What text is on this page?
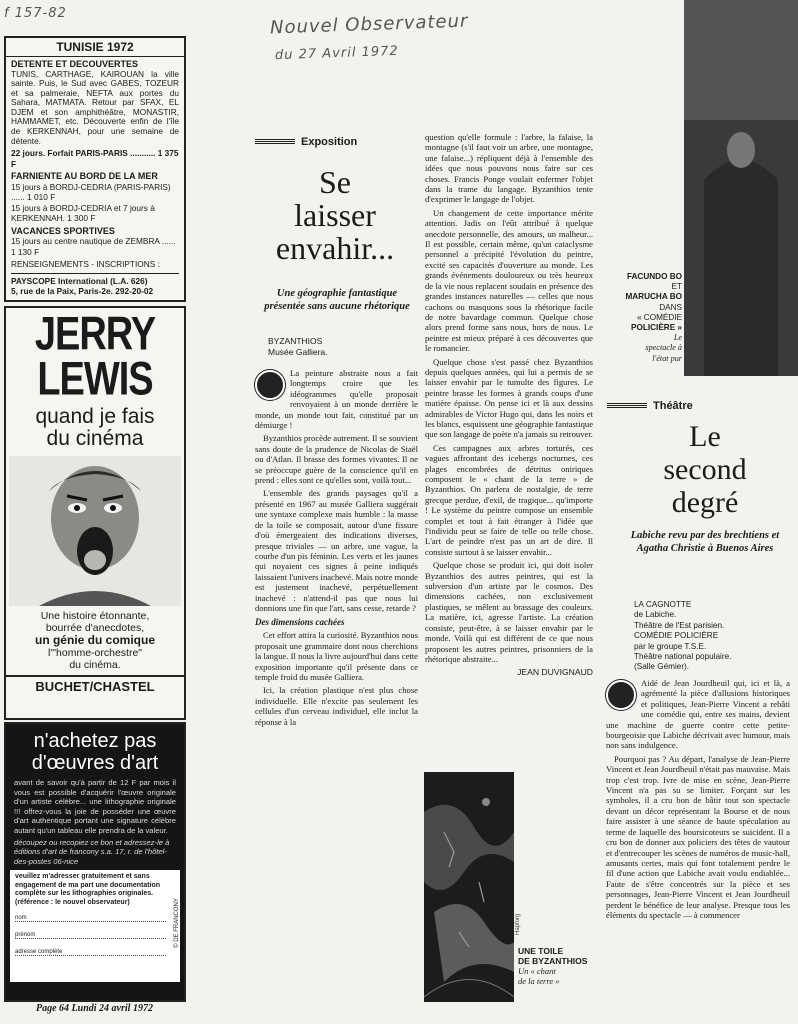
f 157-82	Nouvel Observateur
du 27 Avril 1972
TUNISIE 1972
DETENTE ET DECOUVERTES
TUNIS, CARTHAGE, KAIROUAN la ville sainte. Puis, le Sud avec GABES, TOZEUR et sa palmeraie, NEFTA aux portes du Sahara, MATMATA. Retour par SFAX, EL DJEM et son amphithéâtre, MONASTIR, HAMMAMET, etc. Découverte enfin de l'île de KERKENNAH, pour une semaine de détente.
22 jours. Forfait PARIS-PARIS ........... 1 375 F
FARNIENTE AU BORD DE LA MER
15 jours à BORDJ-CEDRIA (PARIS-PARIS) ...... 1 010 F
15 jours à BORDJ-CEDRIA et 7 jours à KERKENNAH. 1 300 F
VACANCES SPORTIVES
15 jours au centre nautique de ZEMBRA ...... 1 130 F
RENSEIGNEMENTS - INSCRIPTIONS :
PAYSCOPE International (L.A. 626)
5, rue de la Paix, Paris-2e. 292-20-02
JERRY LEWIS
quand je fais
du cinéma
Une histoire étonnante,
bourrée d'anecdotes,
un génie du comique
l'"homme-orchestre"
du cinéma.
BUCHET/CHASTEL
n'achetez pas
d'œuvres d'art
avant de savoir qu'à partir de 12 F par mois il vous est possible d'acquérir l'œuvre originale d'un artiste célèbre... une lithographie originale !!! offrez-vous la joie de posséder une œuvre d'art authentique portant une signature célèbre autant qu'un tableau elle prendra de la valeur.
découpez ou recopiez ce bon et adressez-le à éditions d'art de francony s.a. 17, r. de l'hôtel-des-postes 06-nice
veuillez m'adresser gratuitement et sans engagement de ma part une documentation complète sur les lithographies originales. (référence : le nouvel observateur)
nom
prénom
adresse complète
© DE FRANCONY
Page 64 Lundi 24 avril 1972
Exposition
Se
laisser
envahir...
Une géographie fantastique présentée sans aucune rhétorique
BYZANTHIOS
Musée Galliera.

La peinture abstraite nous a fait longtemps croire que les idéogrammes qu'elle proposait renvoyaient à un monde derrière le monde, un monde tout fait, constitué par un démiurge !

Byzanthios procède autrement. Il se souvient sans doute de la prudence de Nicolas de Staël ou d'Atlan. Il brasse des formes vivantes. Il ne se préoccupe guère de la conscience qu'il en prend : elles sont ce qu'elles sont, voilà tout...

L'ensemble des grands paysages qu'il a présenté en 1967 au musée Galliera suggérait une syntaxe complexe mais humble : la masse de la toile se composait, autour d'une fissure d'où émergeaient des indications diverses, presque triviales — un arbre, une vague, la courbe d'un pis féminin. Les verts et les jaunes qui noyaient ces signes à peine indiqués laissaient l'univers inachevé. Mais notre monde est justement inachevé, perpétuellement inachevé : n'attend-il pas que nous lui donnions une fin que l'art, sans cesse, retarde ?

Des dimensions cachées

Cet effort attira la curiosité. Byzanthios nous proposait une grammaire dont nous cherchions la langue. Il nous la livre aujourd'hui dans cette exposition importante qu'il présente dans ce temple froid du musée Galliera.

Ici, la création plastique n'est plus chose individuelle. Elle n'excite pas seulement les cellules d'un cerveau individuel, elle inclut la réponse à la

question qu'elle formule : l'arbre, la falaise, la montagne (s'il faut voir un arbre, une montagne, une falaise...) répliquent déjà à l'ensemble des idées que nous pouvons nous faire sur ces choses. Francis Ponge voulait enfermer l'objet dans la trame du langage. Byzanthios tente d'exprimer le langage de l'objet.

Un changement de cette importance mérite attention. Jadis on l'eût attribué à quelque anecdote personnelle, des amours, un malheur... Il est possible, certain même, qu'un cataclysme personnel a précipité l'évolution du peintre, excité ses capacités d'ouverture au monde. Les grands événements douloureux ou très heureux de la vie nous replacent soudain en présence des grandes instances naturelles — celles que nous cachons ou masquons sous la rhétorique facile de notre bavardage commun. Quelque chose alors prend forme sans nous, hors de nous. Le peintre est mieux préparé à ces découvertes que le romancier.

Quelque chose s'est passé chez Byzanthios depuis quelques années, qui lui a permis de se laisser envahir par le tumulte des figures. Le peintre brasse les formes à grands coups d'une matière épaisse. On pense ici et là aux dessins admirables de Victor Hugo qui, dans les noirs et les blancs, esquissent une géographie fantastique que son langage de poète n'a jamais su retrouver.

Ces campagnes aux arbres torturés, ces vagues affrontant des icebergs nocturnes, ces plages encombrées de détritus oniriques composent le « chant de la terre » de Byzanthios. On parlera de nostalgie, de terre grecque perdue, d'exil, de tragique... qu'importe ! Le système du peintre compose un ensemble complet et tout à fait étranger à l'idée que l'individu peut se faire de telle ou telle chose. L'art de peindre n'est pas un art de dire. Il consiste surtout à se laisser envahir...

Quelque chose se produit ici, qui doit isoler Byzanthios des autres peintres, qui est la subversion d'un artiste par le cosmos. Des dimensions cachées, non exclusivement plastiques, se mêlent au brassage des couleurs. La matière, ici, agresse l'artiste. La création consiste, peut-être, à se laisser envahir par le monde. Voilà qui est différent de ce que nous proposent les autres peintres, prisonniers de la rhétorique abstraite...

JEAN DUVIGNAUD
Hapforg
UNE TOILE
DE BYZANTHIOS
Un « chant
de la terre »
FACUNDO BO
ET
MARUCHA BO
DANS
« COMÉDIE
POLICIÈRE »
Le
spectacle à
l'état pur
Théâtre
Le
second
degré
Labiche revu par des brechtiens et Agatha Christie à Buenos Aires
LA CAGNOTTE
de Labiche.
Théâtre de l'Est parisien.
COMÉDIE POLICIÈRE
par le groupe T.S.E.
Théâtre national populaire.
(Salle Gémier).

Aidé de Jean Jourdheuil qui, ici et là, a agrémenté la pièce d'allusions historiques et politiques, Jean-Pierre Vincent a rebâti une comédie qui, entre ses mains, devient une machine de guerre contre cette petite-bourgeoisie que Labiche décrivait avec humour, mais non sans indulgence.

Pourquoi pas ? Au départ, l'analyse de Jean-Pierre Vincent et Jean Jourdheuil n'était pas mauvaise. Mais trop c'est trop. Ivre de mise en scène, Jean-Pierre Vincent n'a pas su se limiter. Forçant sur les symboles, il a cru bon de bâtir tout son spectacle devant un décor représentant la Bourse et de nous faire assister à une séance de haute spéculation au terme de laquelle des boursicoteurs se suicident. Il a cru bon de donner aux policiers des têtes de vautour et d'entrecouper les scènes de numéros de music-hall, amusants certes, mais qui font totalement perdre le fil d'une action que Labiche avait voulu endiablée... Faute de s'être concentrés sur la pièce et ses personnages, Jean-Pierre Vincent et Jean Jourdheuil perdent le bénéfice de leur analyse. Presque tous les éléments du spectacle — à commencer
